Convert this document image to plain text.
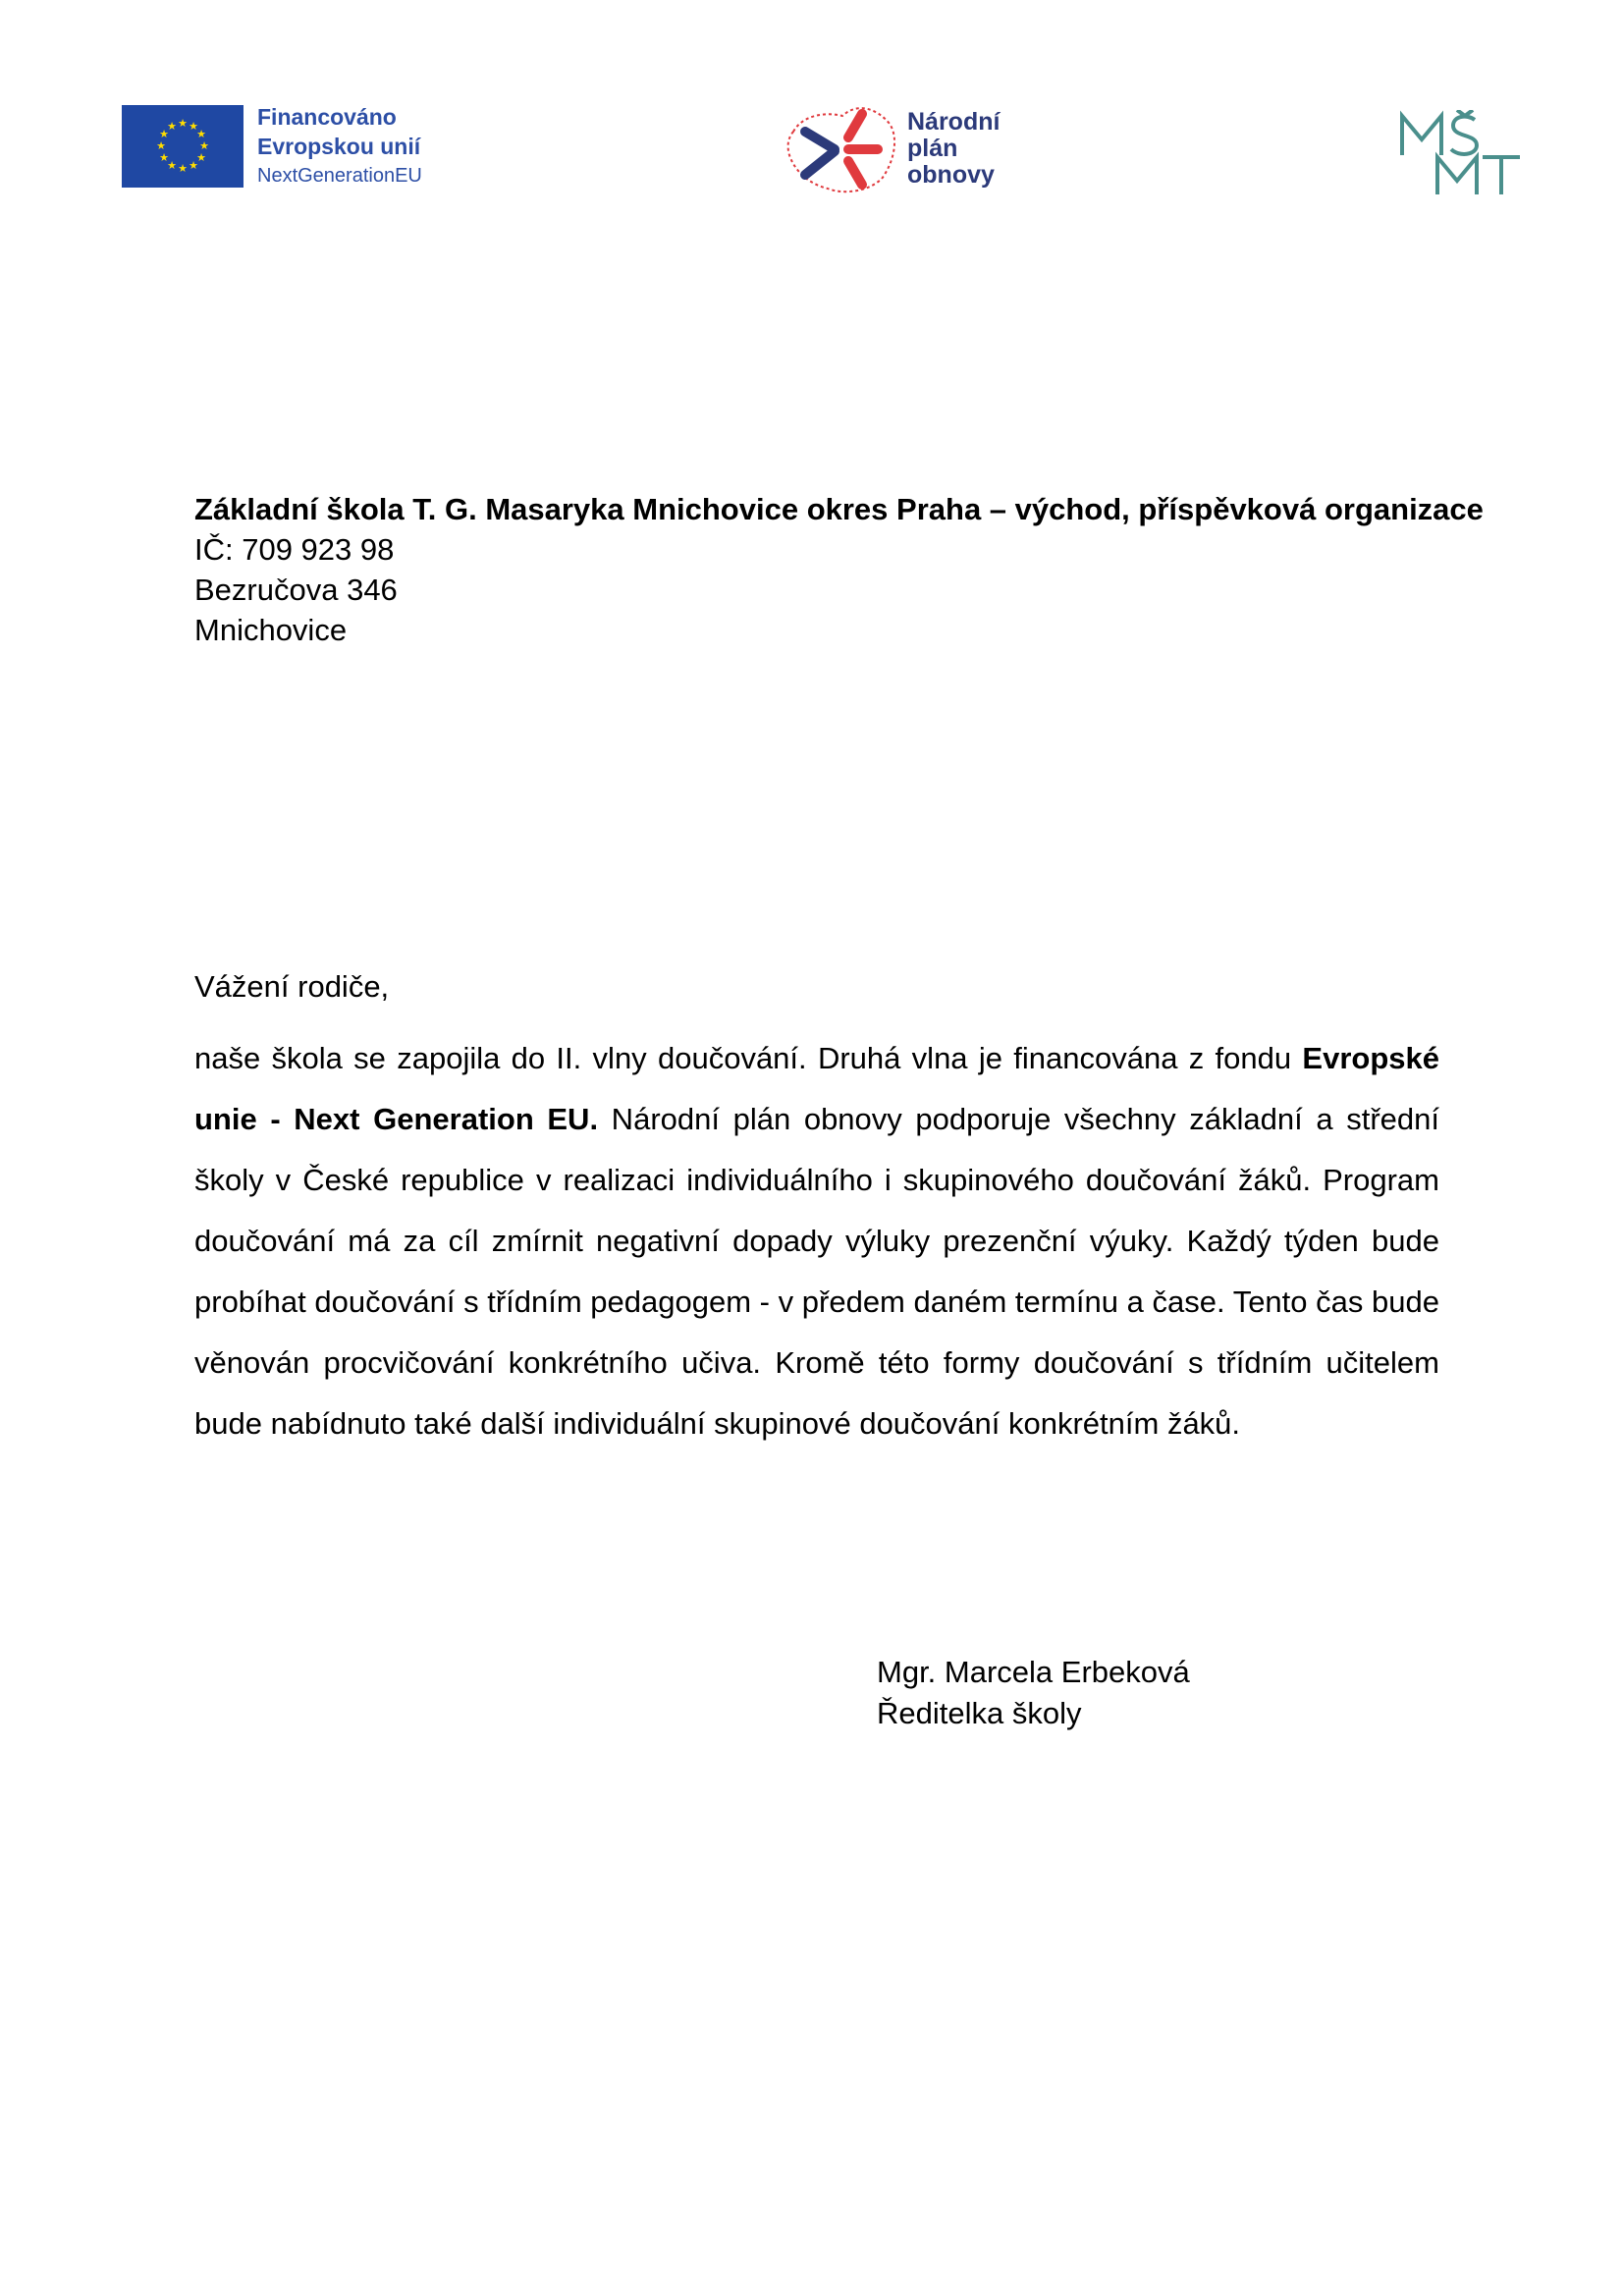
★ ★
★
★
★
★
★
★
★
★
★
★	Financováno
Evropskou unií
NextGenerationEU
Národní
plán
obnovy
Základní škola T. G. Masaryka Mnichovice okres Praha – východ, příspěvková organizace
IČ: 709 923 98
Bezručova 346
Mnichovice
Vážení rodiče,
naše škola se zapojila do II. vlny doučování. Druhá vlna je financována z fondu Evropské unie - Next Generation EU. Národní plán obnovy podporuje všechny základní a střední školy v České republice v realizaci individuálního i skupinového doučování žáků. Program doučování má za cíl zmírnit negativní dopady výluky prezenční výuky. Každý týden bude probíhat doučování s třídním pedagogem - v předem daném termínu a čase. Tento čas bude věnován procvičování konkrétního učiva. Kromě této formy doučování s třídním učitelem bude nabídnuto také další individuální skupinové doučování konkrétním žáků.
Mgr. Marcela Erbeková
Ředitelka školy
